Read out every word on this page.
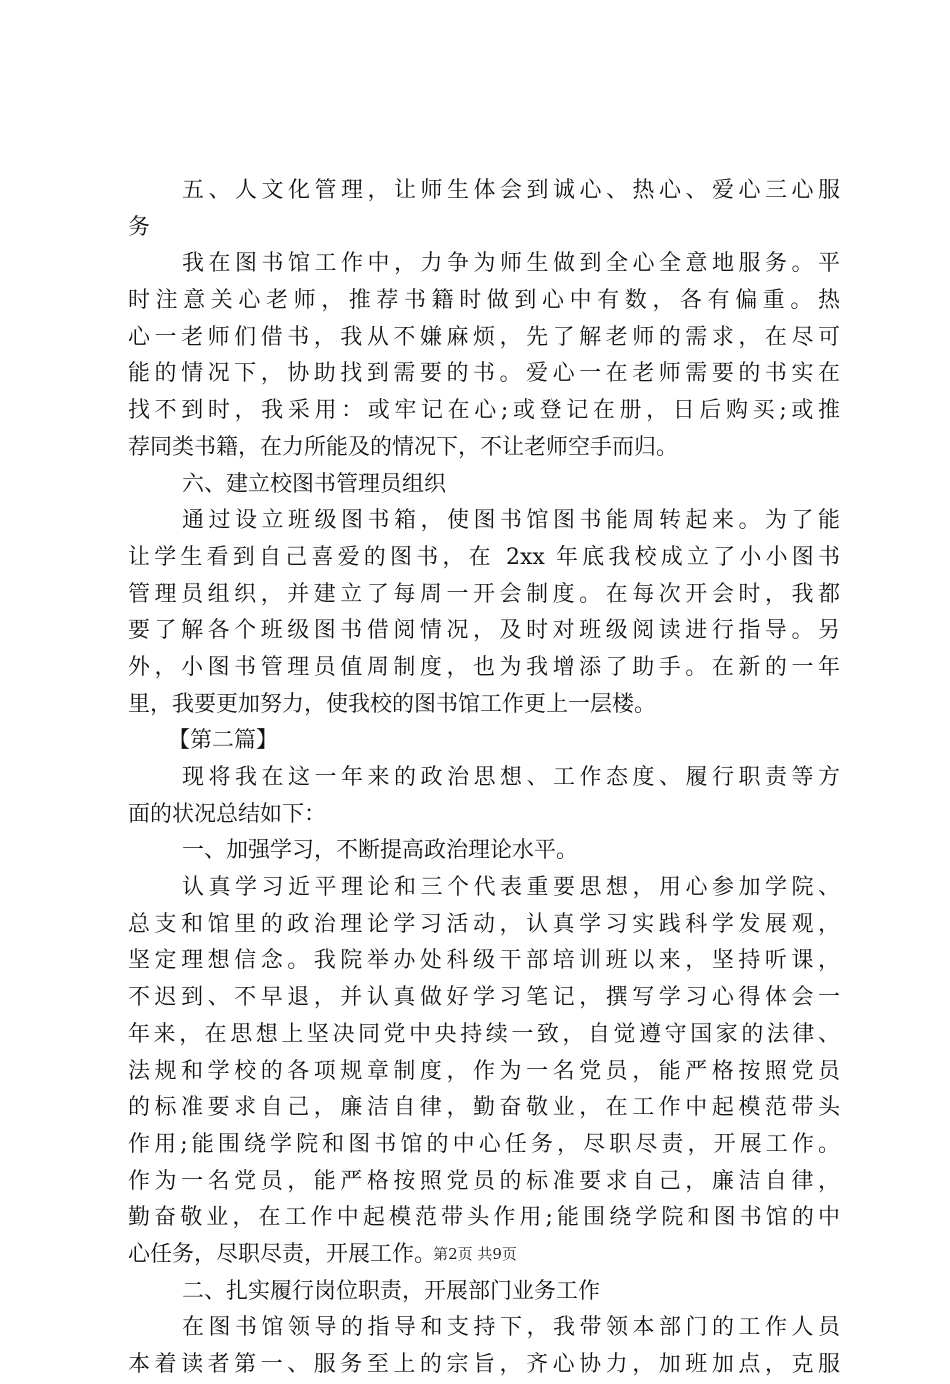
五、人文化管理，让师生体会到诚心、热心、爱心三心服
务
我在图书馆工作中，力争为师生做到全心全意地服务。平
时注意关心老师，推荐书籍时做到心中有数，各有偏重。热
心一老师们借书，我从不嫌麻烦，先了解老师的需求，在尽可
能的情况下，协助找到需要的书。爱心一在老师需要的书实在
找不到时，我采用：或牢记在心;或登记在册，日后购买;或推
荐同类书籍，在力所能及的情况下，不让老师空手而归。
六、建立校图书管理员组织
通过设立班级图书箱，使图书馆图书能周转起来。为了能
让学生看到自己喜爱的图书，在 2xx 年底我校成立了小小图书
管理员组织，并建立了每周一开会制度。在每次开会时，我都
要了解各个班级图书借阅情况，及时对班级阅读进行指导。另
外，小图书管理员值周制度，也为我增添了助手。在新的一年
里，我要更加努力，使我校的图书馆工作更上一层楼。
【第二篇】
现将我在这一年来的政治思想、工作态度、履行职责等方
面的状况总结如下：
一、加强学习，不断提高政治理论水平。
认真学习近平理论和三个代表重要思想，用心参加学院、
总支和馆里的政治理论学习活动，认真学习实践科学发展观，
坚定理想信念。我院举办处科级干部培训班以来，坚持听课，
不迟到、不早退，并认真做好学习笔记，撰写学习心得体会一
年来，在思想上坚决同党中央持续一致，自觉遵守国家的法律、
法规和学校的各项规章制度，作为一名党员，能严格按照党员
的标准要求自己，廉洁自律，勤奋敬业，在工作中起模范带头
作用;能围绕学院和图书馆的中心任务，尽职尽责，开展工作。
作为一名党员，能严格按照党员的标准要求自己，廉洁自律，
勤奋敬业，在工作中起模范带头作用;能围绕学院和图书馆的中
心任务，尽职尽责，开展工作。
二、扎实履行岗位职责，开展部门业务工作
在图书馆领导的指导和支持下，我带领本部门的工作人员
本着读者第一、服务至上的宗旨，齐心协力，加班加点，克服
第2页 共9页
